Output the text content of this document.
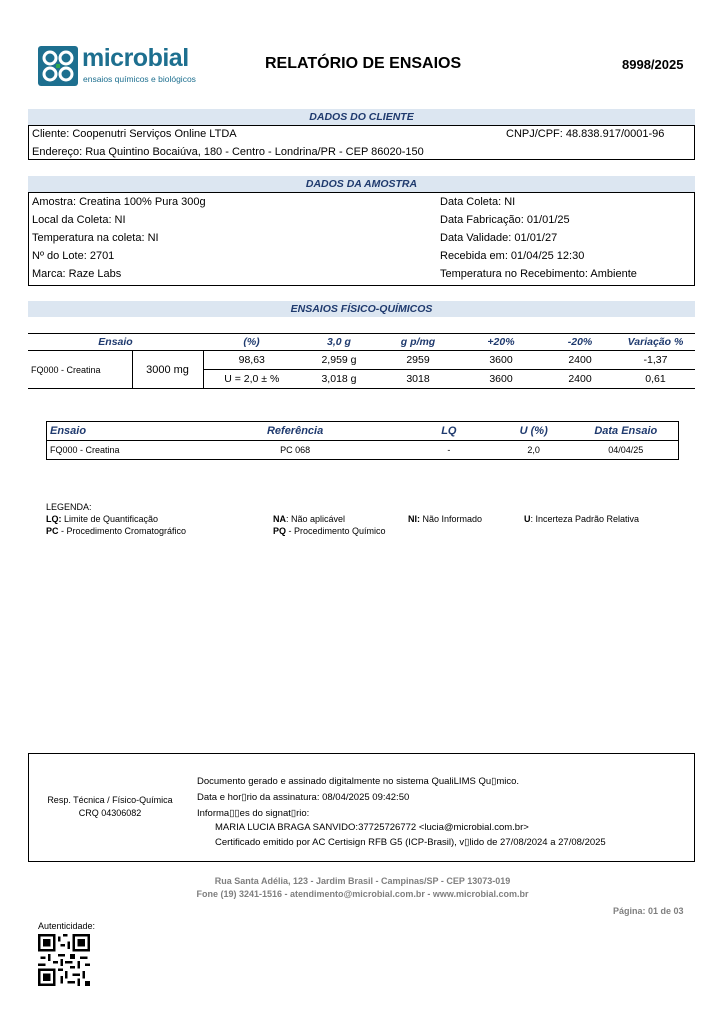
microbial
ensaios químicos e biológicos
RELATÓRIO DE ENSAIOS	8998/2025
DADOS DO CLIENTE
Cliente: Coopenutri Serviços Online LTDA	CNPJ/CPF: 48.838.917/0001-96
Endereço: Rua Quintino Bocaiúva, 180 - Centro - Londrina/PR - CEP 86020-150
DADOS DA AMOSTRA
Amostra: Creatina 100% Pura 300g
Local da Coleta: NI
Temperatura na coleta: NI
Nº do Lote: 2701
Marca: Raze Labs
Data Coleta: NI
Data Fabricação: 01/01/25
Data Validade: 01/01/27
Recebida em: 01/04/25 12:30
Temperatura no Recebimento: Ambiente
ENSAIOS FÍSICO-QUÍMICOS
Ensaio		(%)	3,0 g	g p/mg	+20%	-20%	Variação %
FQ000 - Creatina	3000 mg	98,63	2,959 g	2959	3600	2400	-1,37
		U = 2,0 ± %	3,018 g	3018	3600	2400	0,61
Ensaio	Referência	LQ	U (%)	Data Ensaio
FQ000 - Creatina	PC 068	-	2,0	04/04/25
LEGENDA:
LQ: Limite de Quantificação	NA: Não aplicável	NI: Não Informado	U: Incerteza Padrão Relativa
PC - Procedimento Cromatográfico	PQ - Procedimento Químico
Resp. Técnica / Físico-Química
CRQ 04306082
Documento gerado e assinado digitalmente no sistema QualiLIMS Qu▯mico.
Data e hor▯rio da assinatura: 08/04/2025 09:42:50
Informa▯▯es do signat▯rio:
MARIA LUCIA BRAGA SANVIDO:37725726772 <lucia@microbial.com.br>
Certificado emitido por AC Certisign RFB G5 (ICP-Brasil), v▯lido de 27/08/2024 a 27/08/2025
Rua Santa Adélia, 123 - Jardim Brasil - Campinas/SP - CEP 13073-019
Fone (19) 3241-1516 - atendimento@microbial.com.br - www.microbial.com.br
Página: 01 de 03
Autenticidade:
